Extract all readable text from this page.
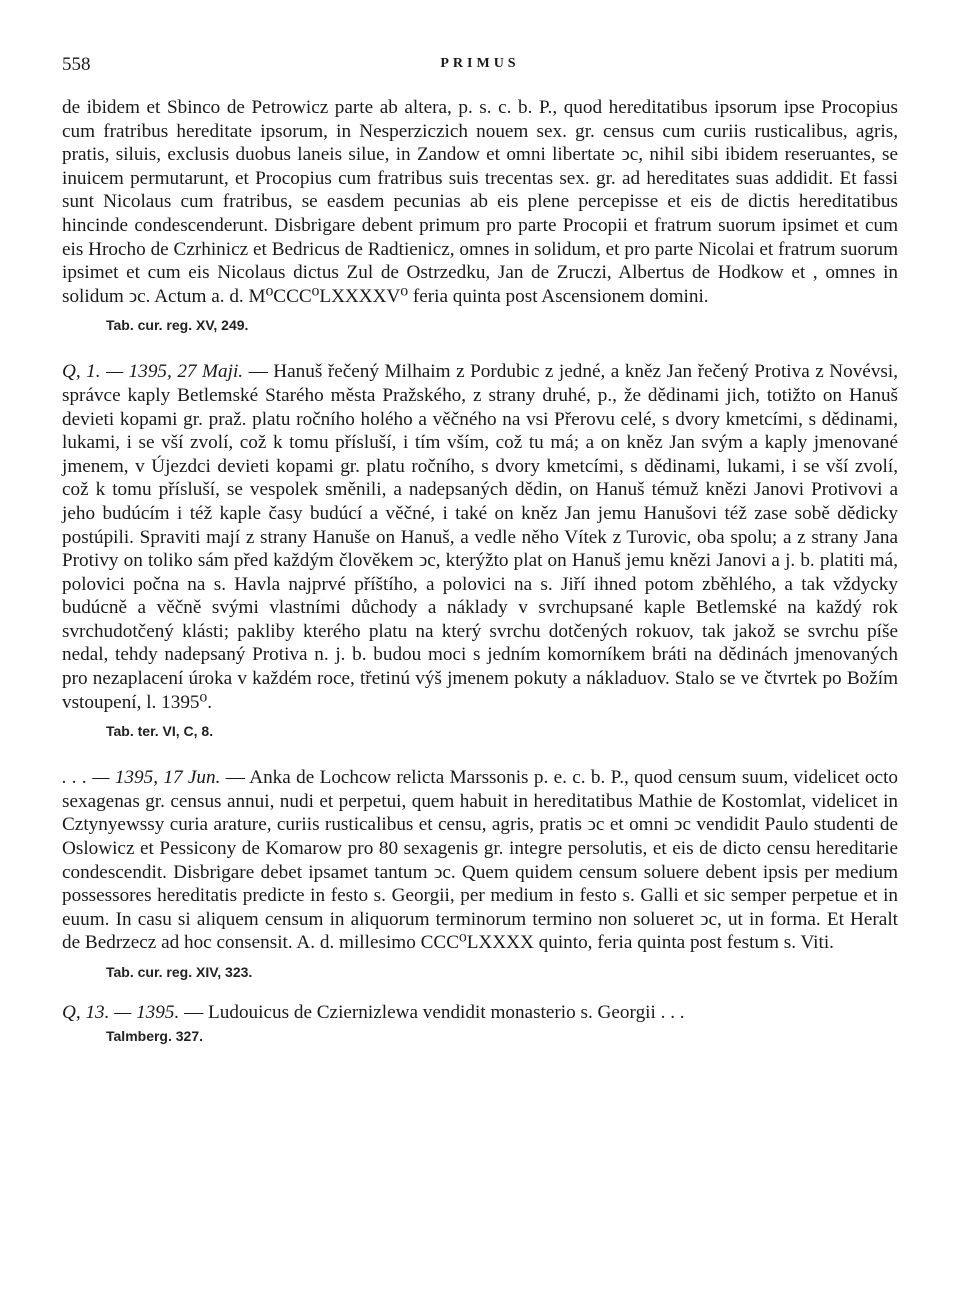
558	PRIMUS

de ibidem et Sbinco de Petrowicz parte ab altera, p. s. c. b. P., quod hereditatibus ipsorum ipse Procopius cum fratribus hereditate ipsorum, in Nesperziczich nouem sex. gr. census cum curiis rusticalibus, agris, pratis, siluis, exclusis duobus laneis silue, in Zandow et omni libertate ↄc, nihil sibi ibidem reseruantes, se inuicem permutarunt, et Procopius cum fratribus suis trecentas sex. gr. ad hereditates suas addidit. Et fassi sunt Nicolaus cum fratribus, se easdem pecunias ab eis plene percepisse et eis de dictis hereditatibus hincinde condescenderunt. Disbrigare debent primum pro parte Procopii et fratrum suorum ipsimet et cum eis Hrocho de Czrhinicz et Bedricus de Radtienicz, omnes in solidum, et pro parte Nicolai et fratrum suorum ipsimet et cum eis Nicolaus dictus Zul de Ostrzedku, Jan de Zruczi, Albertus de Hodkow et , omnes in solidum ↄc. Actum a. d. M⁰CCC⁰LXXXXV⁰ feria quinta post Ascensionem domini.

Tab. cur. reg. XV, 249.

Q, 1. — 1395, 27 Maji. — Hanuš řečený Milhaim z Pordubic z jedné, a kněz Jan řečený Protiva z Novévsi, správce kaply Betlemské Starého města Pražského, z strany druhé, p., že dědinami jich, totižto on Hanuš devieti kopami gr. praž. platu ročního holého a věčného na vsi Přerovu celé, s dvory kmetcími, s dědinami, lukami, i se vší zvolí, což k tomu přísluší, i tím vším, což tu má; a on kněz Jan svým a kaply jmenované jmenem, v Újezdci devieti kopami gr. platu ročního, s dvory kmetcími, s dědinami, lukami, i se vší zvolí, což k tomu přísluší, se vespolek směnili, a nadepsaných dědin, on Hanuš témuž knězi Janovi Protivovi a jeho budúcím i též kaple časy budúcí a věčné, i také on kněz Jan jemu Hanušovi též zase sobě dědicky postúpili. Spraviti mají z strany Hanuše on Hanuš, a vedle něho Vítek z Turovic, oba spolu; a z strany Jana Protivy on toliko sám před každým člověkem ↄc, kterýžto plat on Hanuš jemu knězi Janovi a j. b. platiti má, polovici počna na s. Havla najprvé příštího, a polovici na s. Jiří ihned potom zběhlého, a tak vždycky budúcně a věčně svými vlastními důchody a náklady v svrchupsané kaple Betlemské na každý rok svrchudotčený klásti; pakliby kterého platu na který svrchu dotčených rokuov, tak jakož se svrchu píše nedal, tehdy nadepsaný Protiva n. j. b. budou moci s jedním komorníkem bráti na dědinách jmenovaných pro nezaplacení úroka v každém roce, třetinú výš jmenem pokuty a nákladuov. Stalo se ve čtvrtek po Božím vstoupení, l. 1395⁰.

Tab. ter. VI, C, 8.

. . . — 1395, 17 Jun. — Anka de Lochcow relicta Marssonis p. e. c. b. P., quod censum suum, videlicet octo sexagenas gr. census annui, nudi et perpetui, quem habuit in hereditatibus Mathie de Kostomlat, videlicet in Cztynyewssy curia arature, curiis rusticalibus et censu, agris, pratis ↄc et omni ↄc vendidit Paulo studenti de Oslowicz et Pessicony de Komarow pro 80 sexagenis gr. integre persolutis, et eis de dicto censu hereditarie condescendit. Disbrigare debet ipsamet tantum ↄc. Quem quidem censum soluere debent ipsis per medium possessores hereditatis predicte in festo s. Georgii, per medium in festo s. Galli et sic semper perpetue et in euum. In casu si aliquem censum in aliquorum terminorum termino non solueret ↄc, ut in forma. Et Heralt de Bedrzecz ad hoc consensit. A. d. millesimo CCC⁰LXXXX quinto, feria quinta post festum s. Viti.

Tab. cur. reg. XIV, 323.

Q, 13. — 1395. — Ludouicus de Cziernizlewa vendidit monasterio s. Georgii . . .

Talmberg. 327.
